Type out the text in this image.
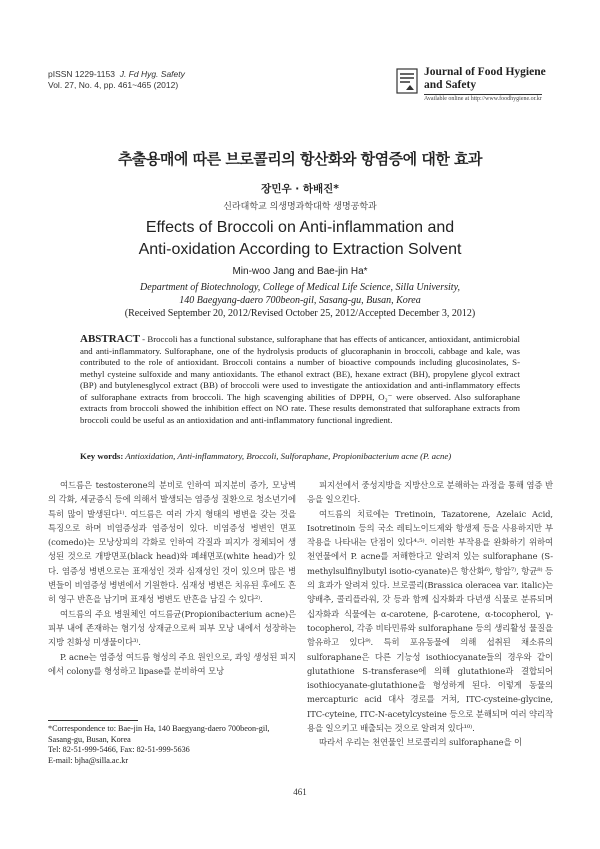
pISSN 1229-1153 J. Fd Hyg. Safety
Vol. 27, No. 4, pp. 461~465 (2012)
Journal of Food Hygiene
and Safety
Available online at http://www.foodhygiene.or.kr
추출용매에 따른 브로콜리의 항산화와 항염증에 대한 효과
장민우 · 하배진*
신라대학교 의생명과학대학 생명공학과
Effects of Broccoli on Anti-inflammation and
Anti-oxidation According to Extraction Solvent
Min-woo Jang and Bae-jin Ha*
Department of Biotechnology, College of Medical Life Science, Silla University,
140 Baegyang-daero 700beon-gil, Sasang-gu, Busan, Korea
(Received September 20, 2012/Revised October 25, 2012/Accepted December 3, 2012)
ABSTRACT - Broccoli has a functional substance, sulforaphane that has effects of anticancer, antioxidant, antimicrobial and anti-inflammatory. Sulforaphane, one of the hydrolysis products of glucoraphanin in broccoli, cabbage and kale, was contributed to the role of antioxidant. Broccoli contains a number of bioactive compounds including glucosinolates, S-methyl cysteine sulfoxide and many antioxidants. The ethanol extract (BE), hexane extract (BH), propylene glycol extract (BP) and butylenesglycol extract (BB) of broccoli were used to investigate the antioxidation and anti-inflammatory effects of sulforaphane extracts from broccoli. The high scavenging abilities of DPPH, O₂⁻ were observed. Also sulforaphane extracts from broccoli showed the inhibition effect on NO rate. These results demonstrated that sulforaphane extracts from broccoli could be useful as an antioxidation and anti-inflammatory functional ingredient.
Key words: Antioxidation, Anti-inflammatory, Broccoli, Sulforaphane, Propionibacterium acne (P. acne)

여드름은 testosterone의 분비로 인하여 피지분비 증가, 모낭벽의 각화, 세균증식 등에 의해서 발생되는 염증성 질환으로 청소년기에 특히 많이 발생된다¹⁾. 여드름은 여러 가지 형태의 병변을 갖는 것을 특징으로 하며 비염증성과 염증성이 있다. 비염증성 병변인 면포(comedo)는 모낭상피의 각화로 인하여 각질과 피지가 정체되어 생성된 것으로 개방면포(black head)와 폐쇄면포(white head)가 있다. 염증성 병변으로는 표재성인 것과 심재성인 것이 있으며 많은 병변들이 비염증성 병변에서 기원한다. 심재성 병변은 치유된 후에도 흔히 영구 반흔을 남기며 표재성 병변도 반흔을 남길 수 있다²⁾.

여드름의 주요 병원체인 여드름균(Propionibacterium acne)은 피부 내에 존재하는 혐기성 상재균으로써 피부 모낭 내에서 성장하는 지방 친화성 미생물이다³⁾.

P. acne는 염증성 여드름 형성의 주요 원인으로, 과잉 생성된 피지에서 colony를 형성하고 lipase를 분비하여 모낭

피지선에서 중성지방을 지방산으로 분해하는 과정을 통해 염증 반응을 일으킨다.

여드름의 치료에는 Tretinoin, Tazatorene, Azelaic Acid, Isotretinoin 등의 국소 레티노이드제와 항생제 등을 사용하지만 부작용을 나타내는 단점이 있다⁴·⁵⁾. 이러한 부작용을 완화하기 위하여 천연물에서 P. acne를 저해한다고 알려져 있는 sulforaphane (S-methylsulfinylbutyl isotio-cyanate)은 항산화⁶⁾, 항암⁷⁾, 항균⁸⁾ 등의 효과가 알려져 있다. 브로콜리(Brassica oleracea var. italic)는 양배추, 콜리플라워, 갓 등과 함께 십자화과 다년생 식물로 분류되며 십자화과 식물에는 α-carotene, β-carotene, α-tocopherol, γ-tocopherol, 각종 비타민류와 sulforaphane 등의 생리활성 물질을 함유하고 있다⁹⁾. 특히 포유동물에 의해 섭취된 채소류의 sulforaphane은 다른 기능성 isothiocyanate들의 경우와 같이 glutathione S-transferase에 의해 glutathione과 결합되어 isothiocyanate-glutathione을 형성하게 된다. 이렇게 동물의 mercapturic acid 대사 경로를 거쳐, ITC-cysteine-glycine, ITC-cyteine, ITC-N-acetylcysteine 등으로 분해되며 여러 약리작용을 일으키고 배출되는 것으로 알려져 있다¹⁰⁾.

따라서 우리는 천연물인 브로콜리의 sulforaphane을 이

*Correspondence to: Bae-jin Ha, 140 Baegyang-daero 700beon-gil, Sasang-gu, Busan, Korea
Tel: 82-51-999-5466, Fax: 82-51-999-5636
E-mail: bjha@silla.ac.kr
461
